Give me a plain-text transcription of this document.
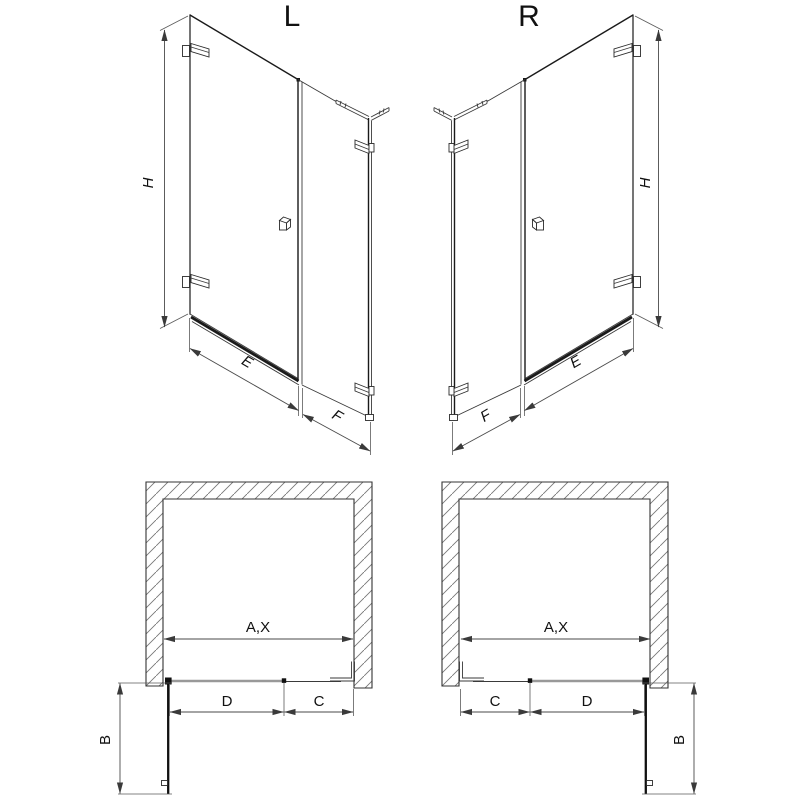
L	R
H
E
F
H
E
F
A,X
D	C
B
A,X
C	D
B
